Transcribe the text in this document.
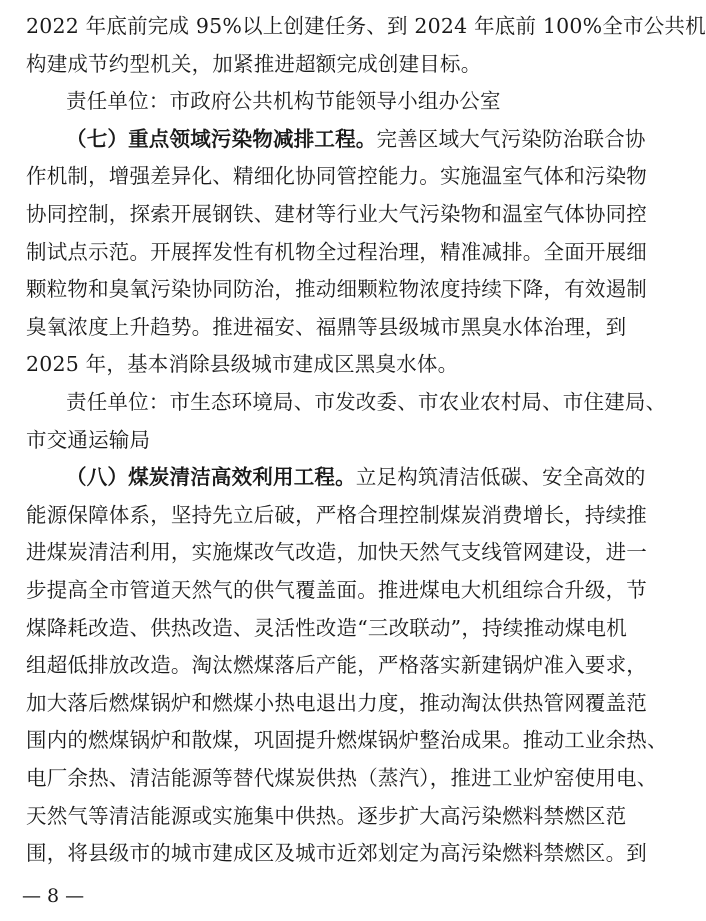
2022 年底前完成 95%以上创建任务、到 2024 年底前 100%全市公共机
构建成节约型机关，加紧推进超额完成创建目标。
责任单位：市政府公共机构节能领导小组办公室
（七）重点领域污染物减排工程。完善区域大气污染防治联合协
作机制，增强差异化、精细化协同管控能力。实施温室气体和污染物
协同控制，探索开展钢铁、建材等行业大气污染物和温室气体协同控
制试点示范。开展挥发性有机物全过程治理，精准减排。全面开展细
颗粒物和臭氧污染协同防治，推动细颗粒物浓度持续下降，有效遏制
臭氧浓度上升趋势。推进福安、福鼎等县级城市黑臭水体治理，到
2025 年，基本消除县级城市建成区黑臭水体。
责任单位：市生态环境局、市发改委、市农业农村局、市住建局、
市交通运输局
（八）煤炭清洁高效利用工程。立足构筑清洁低碳、安全高效的
能源保障体系，坚持先立后破，严格合理控制煤炭消费增长，持续推
进煤炭清洁利用，实施煤改气改造，加快天然气支线管网建设，进一
步提高全市管道天然气的供气覆盖面。推进煤电大机组综合升级，节
煤降耗改造、供热改造、灵活性改造“三改联动”，持续推动煤电机
组超低排放改造。淘汰燃煤落后产能，严格落实新建锅炉准入要求，
加大落后燃煤锅炉和燃煤小热电退出力度，推动淘汰供热管网覆盖范
围内的燃煤锅炉和散煤，巩固提升燃煤锅炉整治成果。推动工业余热、
电厂余热、清洁能源等替代煤炭供热（蒸汽），推进工业炉窑使用电、
天然气等清洁能源或实施集中供热。逐步扩大高污染燃料禁燃区范
围，将县级市的城市建成区及城市近郊划定为高污染燃料禁燃区。到
— 8 —
